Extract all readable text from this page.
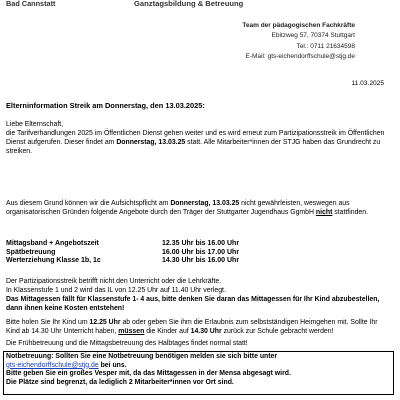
Bad Cannstatt	Ganztagsbildung & Betreuung
Team der pädagogischen Fachkräfte
Ebitzweg 57, 70374 Stuttgart
Tel.: 0711 21634598
E-Mail: gts-eichendorffschule@stjg.de
11.03.2025
Elterninformation Streik am Donnerstag, den 13.03.2025:
Liebe Elternschaft,
die Tarifverhandlungen 2025 im Öffentlichen Dienst gehen weiter und es wird erneut zum Partizipationsstreik im Öffentlichen Dienst aufgerufen. Dieser findet am Donnerstag, 13.03.25 statt. Alle Mitarbeiter*innen der STJG haben das Grundrecht zu streiken.
Aus diesem Grund können wir die Aufsichtspflicht am Donnerstag, 13.03.25 nicht gewährleisten, weswegen aus organisatorischen Gründen folgende Angebote durch den Träger der Stuttgarter Jugendhaus GgmbH nicht stattfinden.
Mittagsband + Angebotszeit	12.35 Uhr bis 16.00 Uhr
Spätbetreuung	16.00 Uhr bis 17.00 Uhr
Werterziehung Klasse 1b, 1c	14.30 Uhr bis 16.00 Uhr
Der Partizipationsstreik betrifft nicht den Unterricht oder die Lehrkräfte.
In Klassenstufe 1 und 2 wird das IL von 12.25 Uhr auf 11.40 Uhr verlegt.
Das Mittagessen fällt für Klassenstufe 1- 4 aus, bitte denken Sie daran das Mittagessen für Ihr Kind abzubestellen, dann ihnen keine Kosten entstehen!
Bitte holen Sie Ihr Kind um 12.25 Uhr ab oder geben Sie ihm die Erlaubnis zum selbstständigen Heimgehen mit. Sollte Ihr Kind ab 14.30 Uhr Unterricht haben, müssen die Kinder auf 14.30 Uhr zurück zur Schule gebracht werden!
Die Frühbetreuung und die Mittagsbetreuung des Halbtages findet normal statt!
Notbetreuung: Sollten Sie eine Notbetreuung benötigen melden sie sich bitte unter
gts-eichendorffschule@stjg.de bei uns.
Bitte geben Sie ein großes Vesper mit, da das Mittagessen in der Mensa abgesagt wird.
Die Plätze sind begrenzt, da lediglich 2 Mitarbeiter*innen vor Ort sind.
